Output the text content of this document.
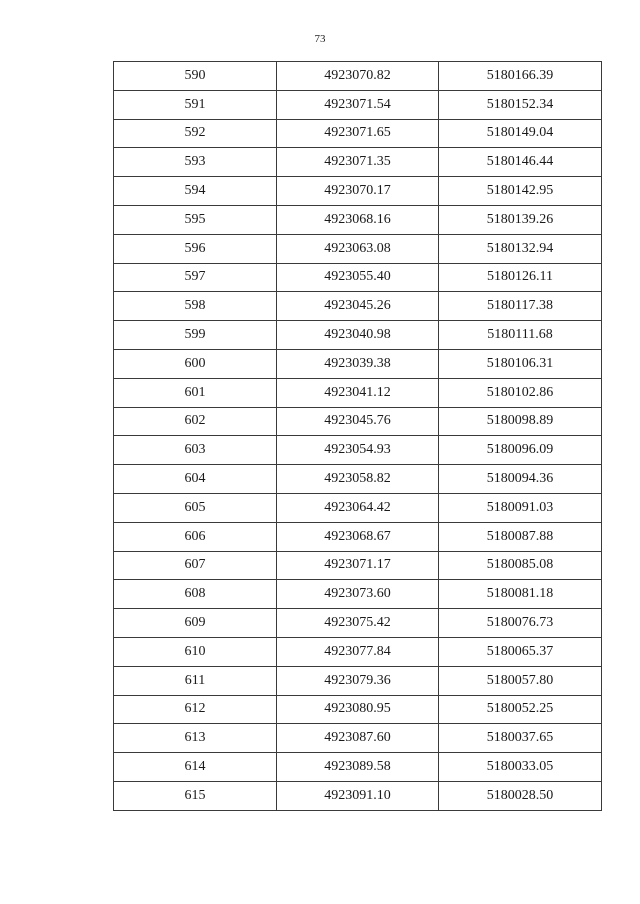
73
590	4923070.82	5180166.39
591	4923071.54	5180152.34
592	4923071.65	5180149.04
593	4923071.35	5180146.44
594	4923070.17	5180142.95
595	4923068.16	5180139.26
596	4923063.08	5180132.94
597	4923055.40	5180126.11
598	4923045.26	5180117.38
599	4923040.98	5180111.68
600	4923039.38	5180106.31
601	4923041.12	5180102.86
602	4923045.76	5180098.89
603	4923054.93	5180096.09
604	4923058.82	5180094.36
605	4923064.42	5180091.03
606	4923068.67	5180087.88
607	4923071.17	5180085.08
608	4923073.60	5180081.18
609	4923075.42	5180076.73
610	4923077.84	5180065.37
611	4923079.36	5180057.80
612	4923080.95	5180052.25
613	4923087.60	5180037.65
614	4923089.58	5180033.05
615	4923091.10	5180028.50
